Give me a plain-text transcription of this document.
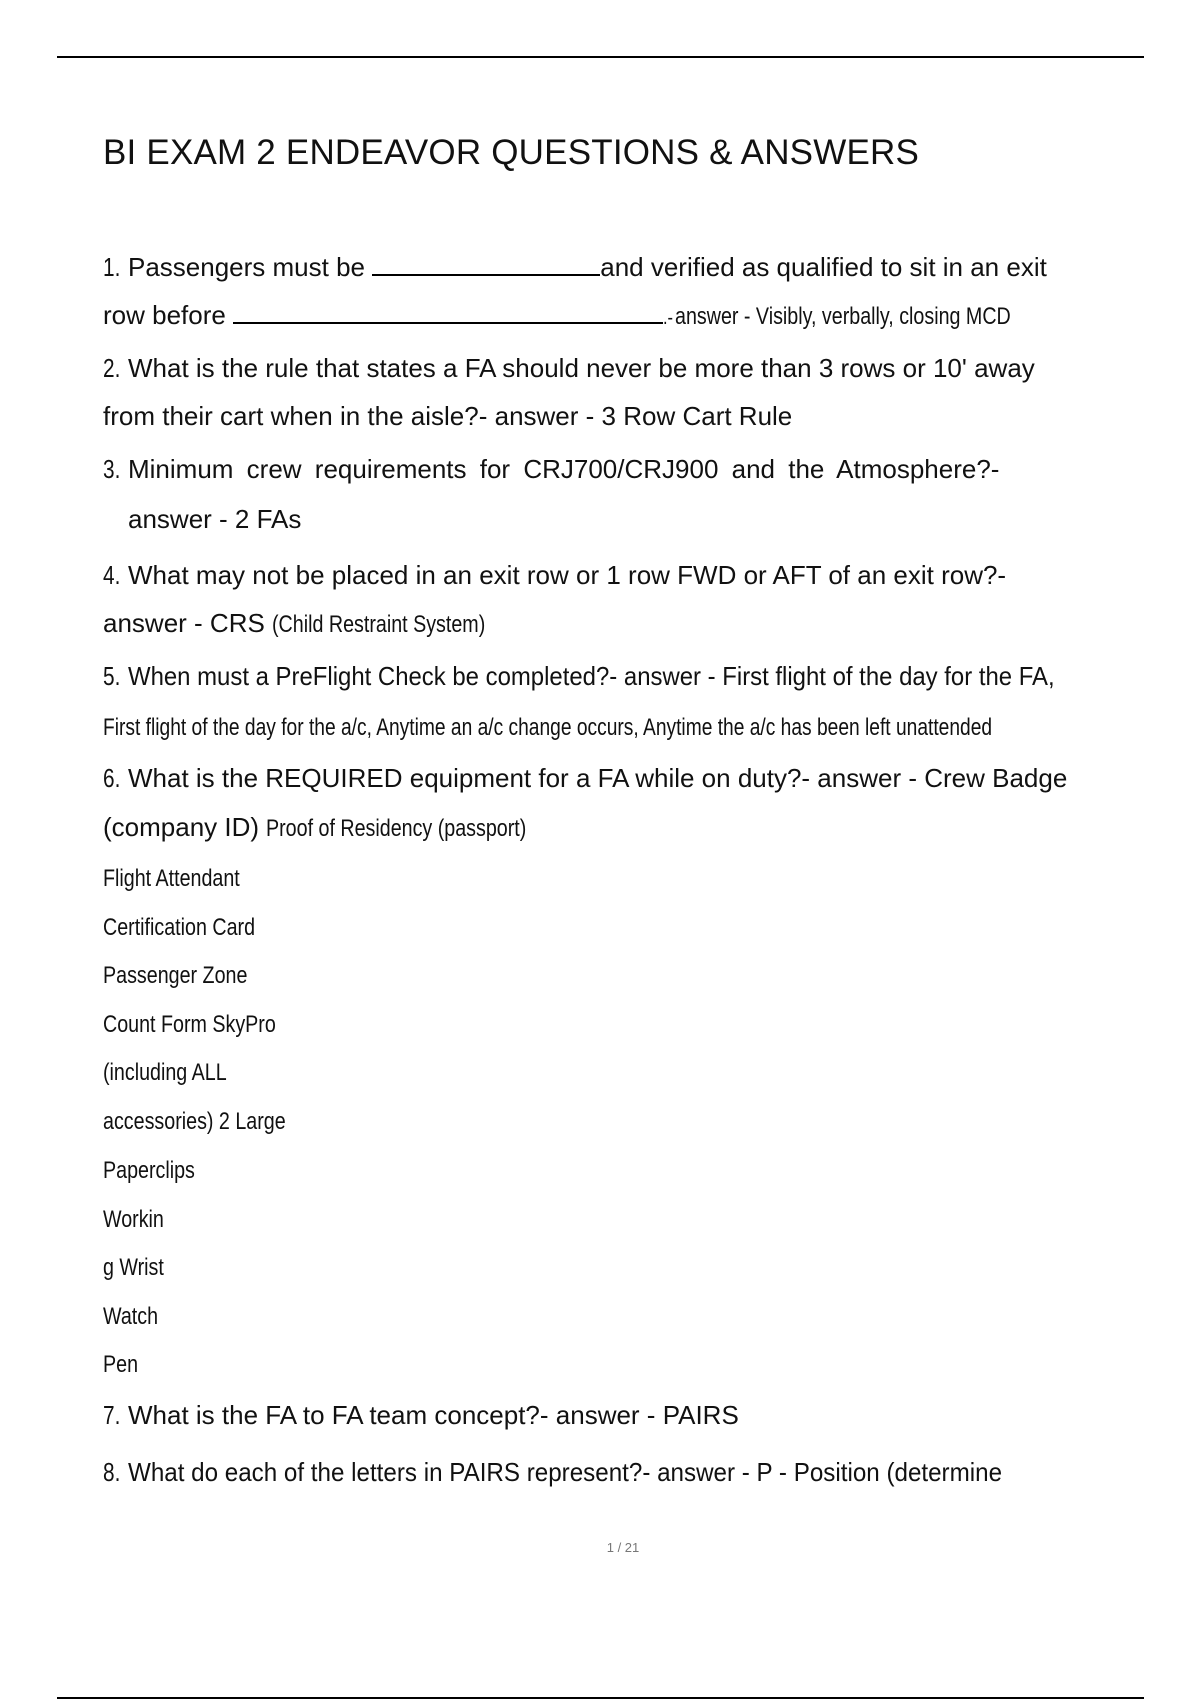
BI EXAM 2 ENDEAVOR QUESTIONS & ANSWERS
1. Passengers must be	and verified as qualified to sit in an exit
row before	.-answer - Visibly, verbally, closing MCD
2. What is the rule that states a FA should never be more than 3 rows or 10' away
from their cart when in the aisle?- answer - 3 Row Cart Rule
3. Minimum crew requirements for CRJ700/CRJ900 and the Atmosphere?-
answer - 2 FAs
4. What may not be placed in an exit row or 1 row FWD or AFT of an exit row?-
answer - CRS (Child Restraint System)
5. When must a PreFlight Check be completed?- answer - First flight of the day for the FA,
First flight of the day for the a/c, Anytime an a/c change occurs, Anytime the a/c has been left unattended
6. What is the REQUIRED equipment for a FA while on duty?- answer - Crew Badge
(company ID) Proof of Residency (passport)
Flight Attendant
Certification Card
Passenger Zone
Count Form SkyPro
(including ALL
accessories) 2 Large
Paperclips
Workin
g Wrist
Watch
Pen
7. What is the FA to FA team concept?- answer - PAIRS
8. What do each of the letters in PAIRS represent?- answer - P - Position (determine
1 / 21
